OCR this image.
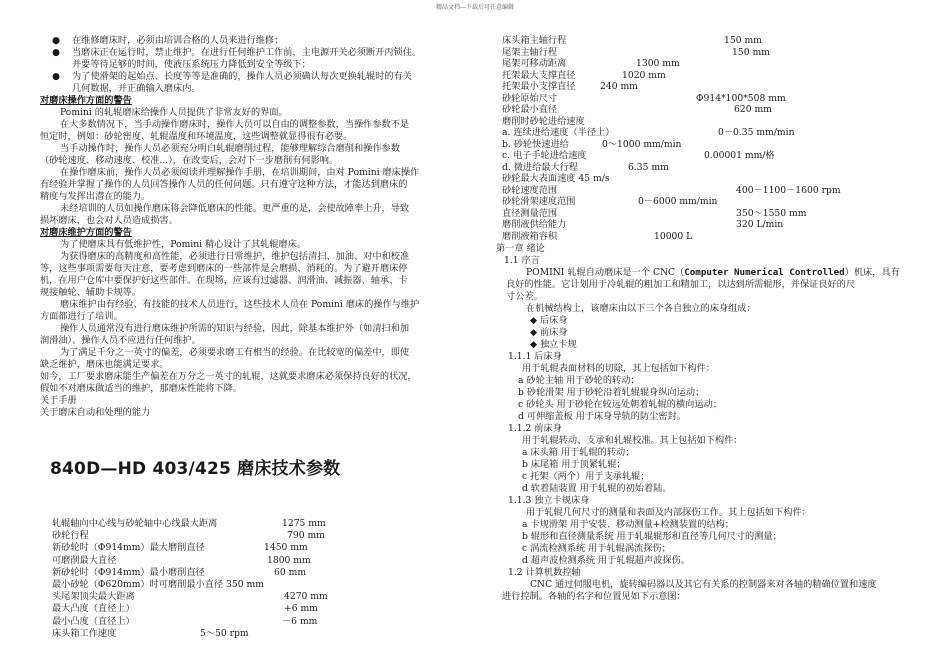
精品文档---下载后可任意编辑
● 在维修磨床时，必须由培训合格的人员来进行维修；
● 当磨床正在运行时，禁止维护。在进行任何维护工作前，主电源开关必须断开丙锁住。
并要等待足够的时间，使液压系统压力降低到安全等级下；
● 为了使滑架的起始点、长度等等是准确的，操作人员必须确认每次更换轧辊时的有关
几何数据，并正确输入磨床内。
对磨床操作方面的警告
Pomini 的轧辊磨床给操作人员提供了非常友好的界面。
在大多数情况下，当手动操作磨床时，操作人员可以自由的调整参数，当操作参数不是
恒定时，例如：砂轮密度、轧辊温度和环境温度，这些调整就显得很有必要。
当手动操作时，操作人员必须充分明白轧辊磨削过程，能够理解综合磨削和操作参数
（砂轮速度、移动速度、校准...），在改变后，会对下一步磨削有何影响。
在操作磨床前，操作人员必须阅读并理解操作手册，在培训期间，由对 Pomini 磨床操作
有经验并掌握了操作的人员回答操作人员的任何问题。只有遵守这种方法，才能达到磨床的
精度与发挥出潜在的能力。
未经培训的人员如操作磨床将会降低磨床的性能。更严重的是，会使故障率上升，导致
损坏磨床，也会对人员造成损害。
对磨床维护方面的警告
为了使磨床具有低维护性，Pomini 精心设计了其轧辊磨床。
为获得磨床的高精度和高性能，必须进行日常维护，维护包括清扫、加油、对中和校准
等，这些事项需要每天注意，要考虑到磨床的一些部件是会磨损、消耗的。为了避开磨床停
机，在用户仓库中要保护好这些部件。在现场，应该有过滤器、润滑油、减振器、轴承、卡
规接触轮、辅助卡规等。
磨床维护由有经验、有技能的技术人员进行，这些技术人员在 Pomini 磨床的操作与维护
方面都进行了培训。
操作人员通常没有进行磨床维护所需的知识与经验，因此，除基本维护外（如清扫和加
润滑油）、操作人员不应进行任何维护。
为了满足千分之一英寸的偏差，必须要求磨工有相当的经验。在比较宽的偏差中，即使
缺乏维护，磨床也能满足要求。
如今，工厂要求磨床能生产偏差在万分之一英寸的轧辊，这就要求磨床必须保持良好的状况，
假如不对磨床做适当的维护，那磨床性能将下降。
关于手册
关于磨床自动和处理的能力
840D—HD 403/425 磨床技术参数
轧辊轴向中心线与砂轮轴中心线最大距离	1275 mm
砂轮行程	790 mm
新砂轮时（Φ914mm）最大磨削直径	1450 mm
可磨削最大直径	1800 mm
新砂轮时（Φ914mm）最小磨削直径	60 mm
最小砂轮（Φ620mm）时可磨削最小直径 350 mm
头尾架顶尖最大距离	4270 mm
最大凸度（直径上）	+6 mm
最小凸度（直径上）	－6 mm
床头箱工作速度	5～50 rpm
床头箱主轴行程	150 mm
尾架主轴行程	150 mm
尾架可移动距离	1300 mm
托架最大支撑直径	1020 mm
托架最小支撑直径	240 mm
砂轮原始尺寸	Φ914*100*508 mm
砂轮最小直径	620 mm
磨削时砂轮进给速度
a. 连续进给速度（半径上）	0－0.35 mm/min
b. 砂轮快速进给	0～1000 mm/min
c. 电子手轮进给速度	0.00001 mm/格
d. 微进给最大行程	6.35 mm
砂轮最大表面速度 45 m/s
砂轮速度范围	400－1100－1600 rpm
砂轮滑架速度范围	0－6000 mm/min
直径测量范围	350～1550 mm
磨削液供给能力	320 L/min
磨削液箱容积	10000 L
第一章 绪论
1.1 序言
POMINI 轧辊自动磨床是一个 CNC（Computer Numerical Controlled）机床，具有
良好的性能。它计划用于冷轧辊的粗加工和精加工，以达到所需辊形，并保证良好的尺
寸公差。
在机械结构上，该磨床由以下三个各自独立的床身组成：
◆ 后床身
◆ 前床身
◆ 独立卡规
1.1.1 后床身
用于轧辊表面材料的切除，其上包括如下构件：
a 砂轮主轴 用于砂轮的转动；
b 砂轮滑架 用于砂轮沿着轧辊辊身纵向运动；
c 砂轮头 用于砂轮在较远处朝着轧辊的横向运动；
d 可伸缩盖板 用于床身导轨的防尘密封。
1.1.2 前床身
用于轧辊转动、支承和轧辊校准。其上包括如下构件：
a 床头箱 用于轧辊的转动；
b 床尾箱 用于顶紧轧辊；
c 托架（两个）用于支承轧辊；
d 软着陆装置 用于轧辊的初始着陆。
1.1.3 独立卡规床身
用于轧辊几何尺寸的测量和表面及内部探伤工作。其上包括如下构件：
a 卡规滑架 用于安装、移动测量+检测装置的结构；
b 辊形和直径测量系统 用于轧辊辊形和直径等几何尺寸的测量；
c 涡流检测系统 用于轧辊涡流探伤；
d 超声波检测系统 用于轧辊超声波探伤。
1.2 计算机数控轴
CNC 通过伺服电机，旋转编码器以及其它有关系的控制器来对各轴的精确位置和速度
进行控制。各轴的名字和位置见如下示意图：
